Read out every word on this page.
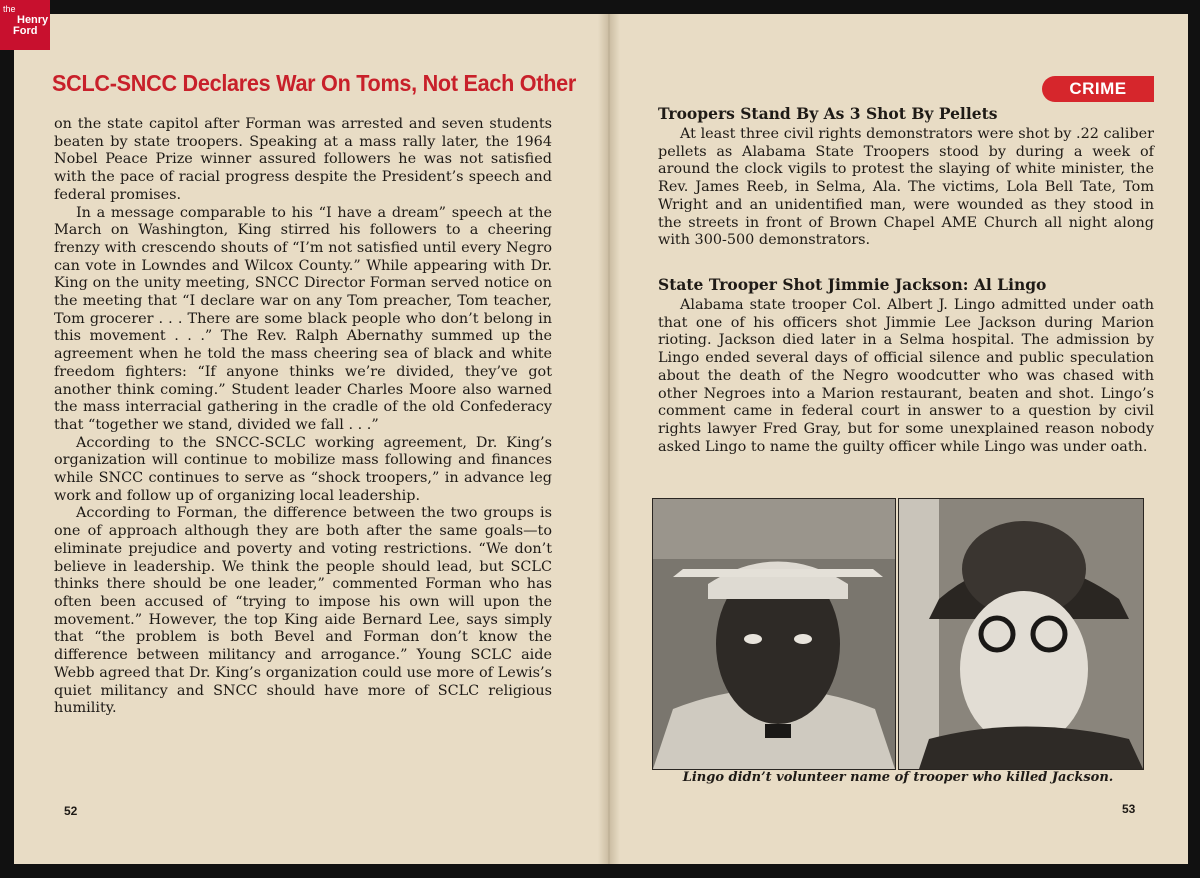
the
Henry
Ford
SCLC-SNCC Declares War On Toms, Not Each Other

on the state capitol after Forman was arrested and seven students beaten by state troopers. Speaking at a mass rally later, the 1964 Nobel Peace Prize winner assured followers he was not satisfied with the pace of racial progress despite the President’s speech and federal promises.

In a message comparable to his “I have a dream” speech at the March on Washington, King stirred his followers to a cheering frenzy with crescendo shouts of “I’m not satisfied until every Negro can vote in Lowndes and Wilcox County.” While appearing with Dr. King on the unity meeting, SNCC Director Forman served notice on the meeting that “I declare war on any Tom preacher, Tom teacher, Tom grocerer . . . There are some black people who don’t belong in this movement . . .” The Rev. Ralph Abernathy summed up the agreement when he told the mass cheering sea of black and white freedom fighters: “If anyone thinks we’re divided, they’ve got another think coming.” Student leader Charles Moore also warned the mass interracial gathering in the cradle of the old Confederacy that “together we stand, divided we fall . . .”

According to the SNCC-SCLC working agreement, Dr. King’s organization will continue to mobilize mass following and finances while SNCC continues to serve as “shock troopers,” in advance leg work and follow up of organizing local leadership.

According to Forman, the difference between the two groups is one of approach although they are both after the same goals—to eliminate prejudice and poverty and voting restrictions. “We don’t believe in leadership. We think the people should lead, but SCLC thinks there should be one leader,” commented Forman who has often been accused of “trying to impose his own will upon the movement.” However, the top King aide Bernard Lee, says simply that “the problem is both Bevel and Forman don’t know the difference between militancy and arrogance.” Young SCLC aide Webb agreed that Dr. King’s organization could use more of Lewis’s quiet militancy and SNCC should have more of SCLC religious humility.

52
CRIME
Troopers Stand By As 3 Shot By Pellets

At least three civil rights demonstrators were shot by .22 caliber pellets as Alabama State Troopers stood by during a week of around the clock vigils to protest the slaying of white minister, the Rev. James Reeb, in Selma, Ala. The victims, Lola Bell Tate, Tom Wright and an unidentified man, were wounded as they stood in the streets in front of Brown Chapel AME Church all night along with 300-500 demonstrators.

State Trooper Shot Jimmie Jackson: Al Lingo

Alabama state trooper Col. Albert J. Lingo admitted under oath that one of his officers shot Jimmie Lee Jackson during Marion rioting. Jackson died later in a Selma hospital. The admission by Lingo ended several days of official silence and public speculation about the death of the Negro woodcutter who was chased with other Negroes into a Marion restaurant, beaten and shot. Lingo’s comment came in federal court in answer to a question by civil rights lawyer Fred Gray, but for some unexplained reason nobody asked Lingo to name the guilty officer while Lingo was under oath.

Lingo didn’t volunteer name of trooper who killed Jackson.
53
